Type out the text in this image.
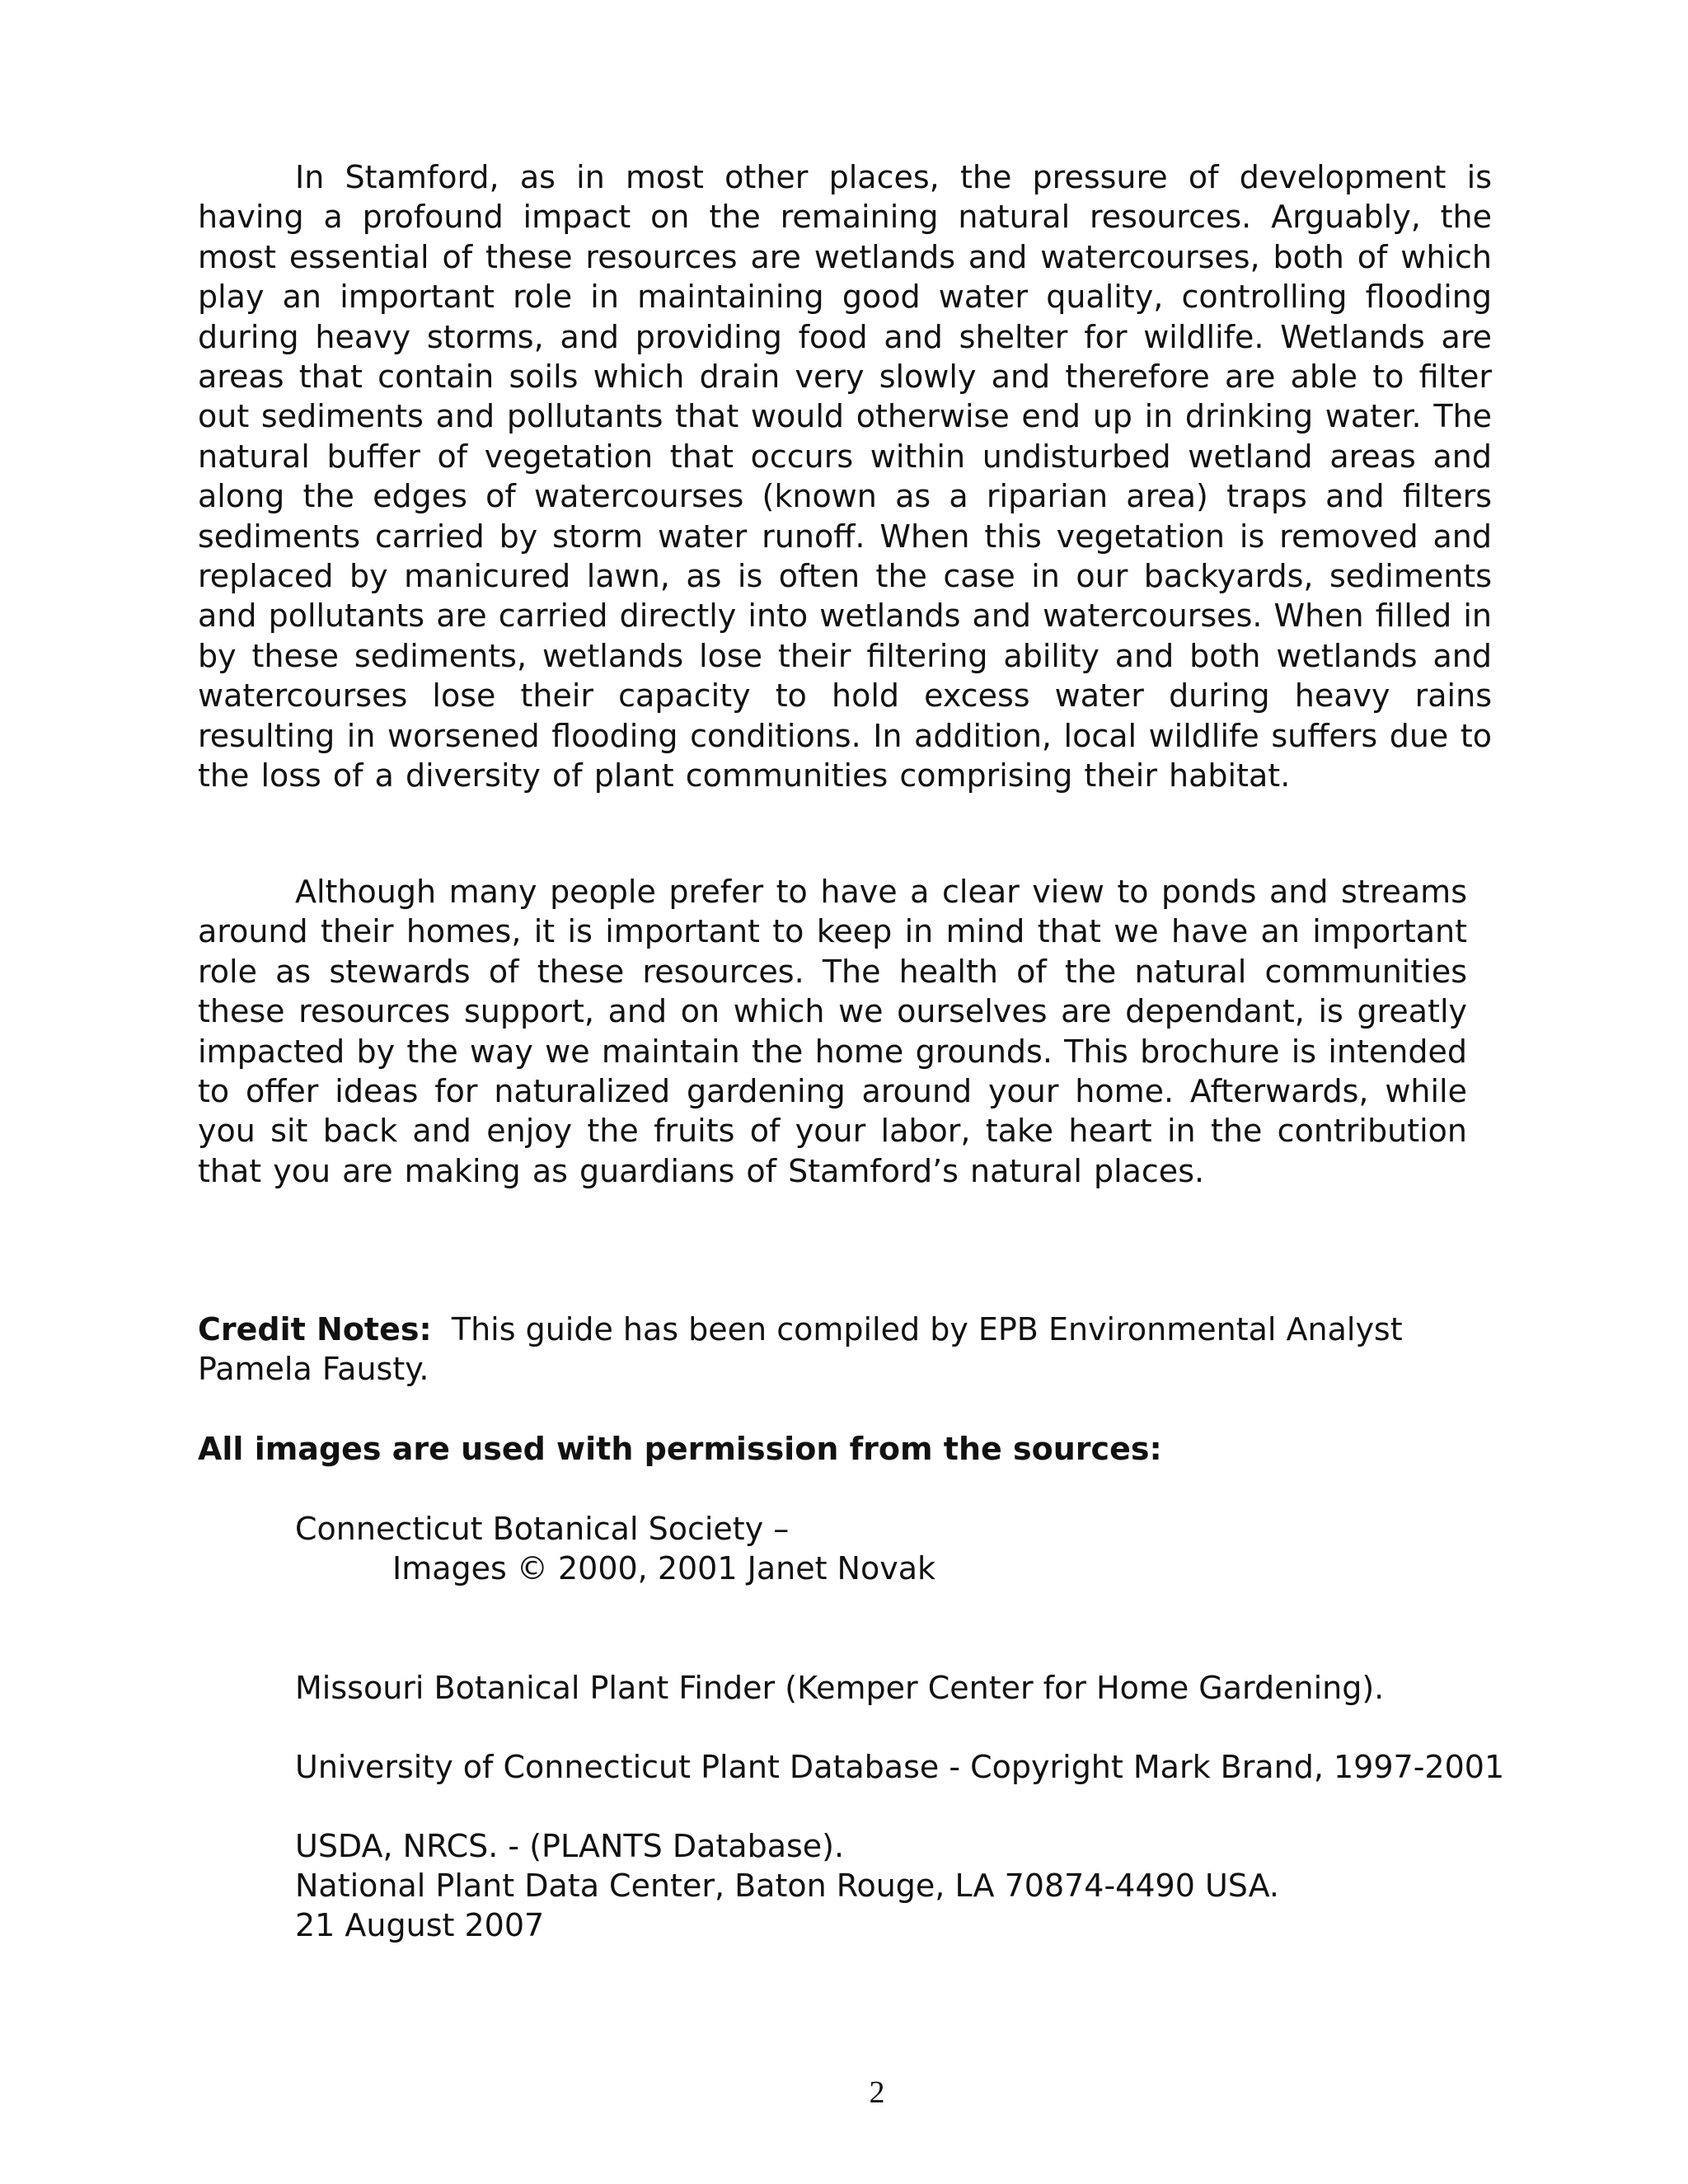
In Stamford, as in most other places, the pressure of development is having a profound impact on the remaining natural resources. Arguably, the most essential of these resources are wetlands and watercourses, both of which play an important role in maintaining good water quality, controlling flooding during heavy storms, and providing food and shelter for wildlife. Wetlands are areas that contain soils which drain very slowly and therefore are able to filter out sediments and pollutants that would otherwise end up in drinking water. The natural buffer of vegetation that occurs within undisturbed wetland areas and along the edges of watercourses (known as a riparian area) traps and filters sediments carried by storm water runoff. When this vegetation is removed and replaced by manicured lawn, as is often the case in our backyards, sediments and pollutants are carried directly into wetlands and watercourses. When filled in by these sediments, wetlands lose their filtering ability and both wetlands and watercourses lose their capacity to hold excess water during heavy rains resulting in worsened flooding conditions. In addition, local wildlife suffers due to the loss of a diversity of plant communities comprising their habitat.

Although many people prefer to have a clear view to ponds and streams around their homes, it is important to keep in mind that we have an important role as stewards of these resources. The health of the natural communities these resources support, and on which we ourselves are dependant, is greatly impacted by the way we maintain the home grounds. This brochure is intended to offer ideas for naturalized gardening around your home. Afterwards, while you sit back and enjoy the fruits of your labor, take heart in the contribution that you are making as guardians of Stamford’s natural places.

Credit Notes: This guide has been compiled by EPB Environmental Analyst

Pamela Fausty.

All images are used with permission from the sources:

Connecticut Botanical Society –

Images © 2000, 2001 Janet Novak

Missouri Botanical Plant Finder (Kemper Center for Home Gardening).

University of Connecticut Plant Database - Copyright Mark Brand, 1997-2001

USDA, NRCS. - (PLANTS Database).

National Plant Data Center, Baton Rouge, LA 70874-4490 USA.

21 August 2007

2
